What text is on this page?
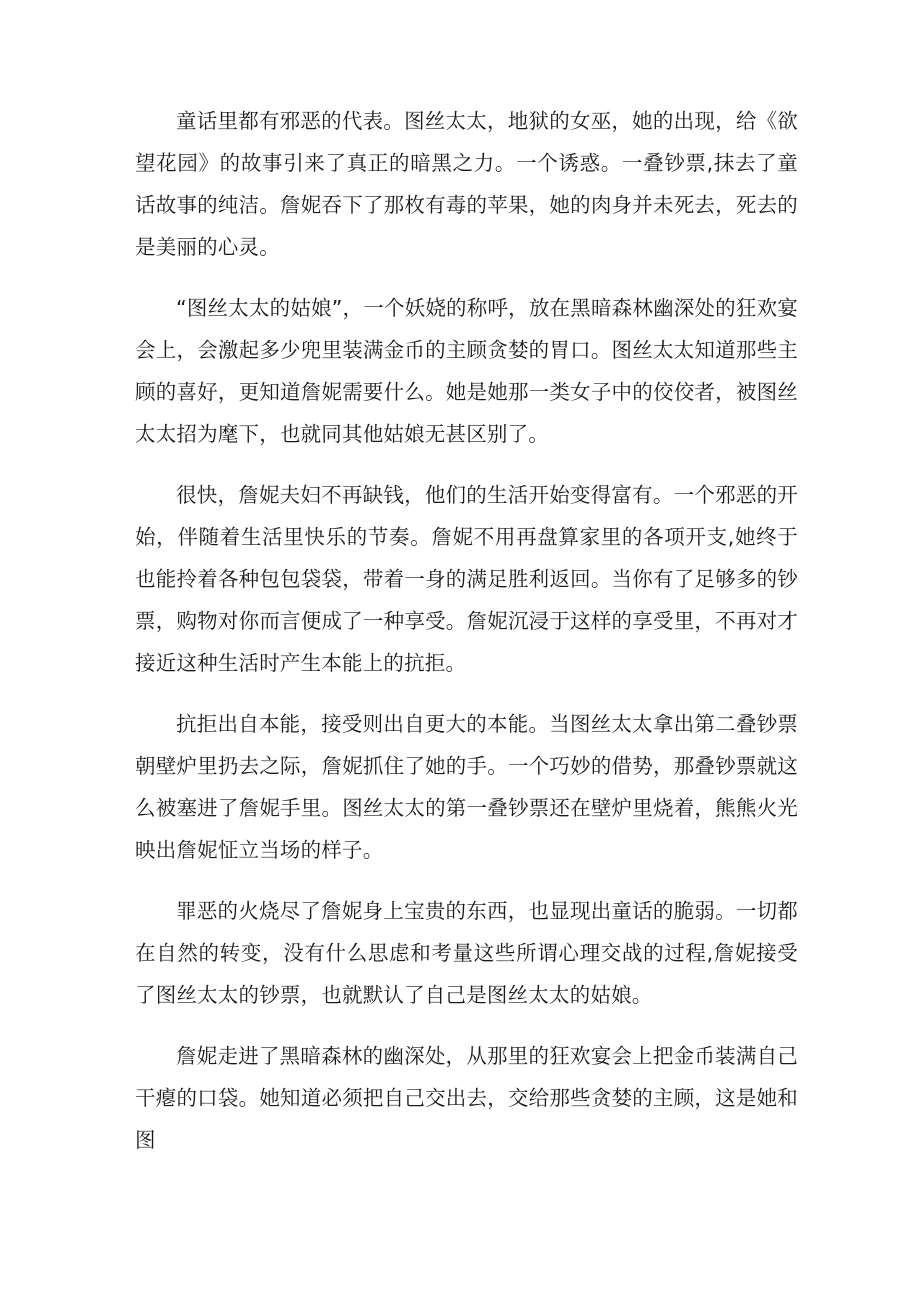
童话里都有邪恶的代表。图丝太太，地狱的女巫，她的出现，给《欲望花园》的故事引来了真正的暗黑之力。一个诱惑。一叠钞票,抹去了童话故事的纯洁。詹妮吞下了那枚有毒的苹果，她的肉身并未死去，死去的是美丽的心灵。

“图丝太太的姑娘”，一个妖娆的称呼，放在黑暗森林幽深处的狂欢宴会上，会激起多少兜里装满金币的主顾贪婪的胃口。图丝太太知道那些主顾的喜好，更知道詹妮需要什么。她是她那一类女子中的佼佼者，被图丝太太招为麾下，也就同其他姑娘无甚区别了。

很快，詹妮夫妇不再缺钱，他们的生活开始变得富有。一个邪恶的开始，伴随着生活里快乐的节奏。詹妮不用再盘算家里的各项开支,她终于也能拎着各种包包袋袋，带着一身的满足胜利返回。当你有了足够多的钞票，购物对你而言便成了一种享受。詹妮沉浸于这样的享受里，不再对才接近这种生活时产生本能上的抗拒。

抗拒出自本能，接受则出自更大的本能。当图丝太太拿出第二叠钞票朝壁炉里扔去之际，詹妮抓住了她的手。一个巧妙的借势，那叠钞票就这么被塞进了詹妮手里。图丝太太的第一叠钞票还在壁炉里烧着，熊熊火光映出詹妮怔立当场的样子。

罪恶的火烧尽了詹妮身上宝贵的东西，也显现出童话的脆弱。一切都在自然的转变，没有什么思虑和考量这些所谓心理交战的过程,詹妮接受了图丝太太的钞票，也就默认了自己是图丝太太的姑娘。

詹妮走进了黑暗森林的幽深处，从那里的狂欢宴会上把金币装满自己干瘪的口袋。她知道必须把自己交出去，交给那些贪婪的主顾，这是她和图
